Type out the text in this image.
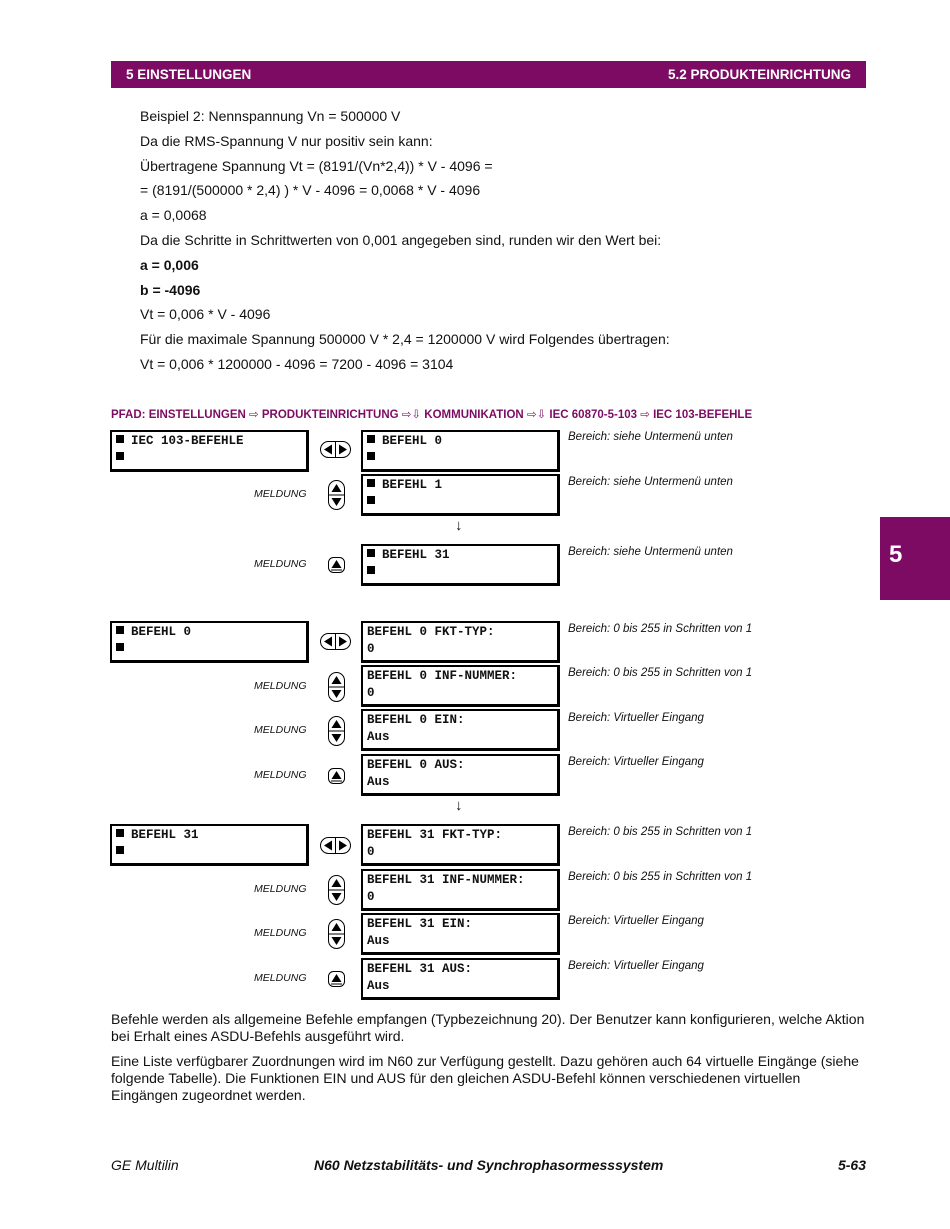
5 EINSTELLUNGEN	5.2 PRODUKTEINRICHTUNG
5
Beispiel 2: Nennspannung Vn = 500000 V
Da die RMS-Spannung V nur positiv sein kann:
Übertragene Spannung Vt = (8191/(Vn*2,4)) * V - 4096 =
= (8191/(500000 * 2,4) ) * V - 4096 = 0,0068 * V - 4096
a = 0,0068
Da die Schritte in Schrittwerten von 0,001 angegeben sind, runden wir den Wert bei:
a = 0,006
b = -4096
Vt = 0,006 * V - 4096
Für die maximale Spannung 500000 V * 2,4 = 1200000 V wird Folgendes übertragen:
Vt = 0,006 * 1200000 - 4096 = 7200 - 4096 = 3104
PFAD: EINSTELLUNGEN ⇨ PRODUKTEINRICHTUNG ⇨⇩ KOMMUNIKATION ⇨⇩ IEC 60870-5-103 ⇨ IEC 103-BEFEHLE
IEC 103-BEFEHLE	BEFEHL 0	Bereich: siehe Untermenü unten
MELDUNG
BEFEHL 1	Bereich: siehe Untermenü unten
↓
MELDUNG
BEFEHL 31	Bereich: siehe Untermenü unten
BEFEHL 0	BEFEHL 0 FKT-TYP:
0
Bereich: 0 bis 255 in Schritten von 1
MELDUNG
BEFEHL 0 INF-NUMMER:
0
Bereich: 0 bis 255 in Schritten von 1
MELDUNG
BEFEHL 0 EIN:
Aus
Bereich: Virtueller Eingang
MELDUNG
BEFEHL 0 AUS:
Aus
Bereich: Virtueller Eingang
↓
BEFEHL 31	BEFEHL 31 FKT-TYP:
0
Bereich: 0 bis 255 in Schritten von 1
MELDUNG
BEFEHL 31 INF-NUMMER:
0
Bereich: 0 bis 255 in Schritten von 1
MELDUNG
BEFEHL 31 EIN:
Aus
Bereich: Virtueller Eingang
MELDUNG
BEFEHL 31 AUS:
Aus
Bereich: Virtueller Eingang
Befehle werden als allgemeine Befehle empfangen (Typbezeichnung 20). Der Benutzer kann konfigurieren, welche Aktion bei Erhalt eines ASDU-Befehls ausgeführt wird.
Eine Liste verfügbarer Zuordnungen wird im N60 zur Verfügung gestellt. Dazu gehören auch 64 virtuelle Eingänge (siehe folgende Tabelle). Die Funktionen EIN und AUS für den gleichen ASDU-Befehl können verschiedenen virtuellen Eingängen zugeordnet werden.
GE Multilin	N60 Netzstabilitäts- und Synchrophasormesssystem	5-63
